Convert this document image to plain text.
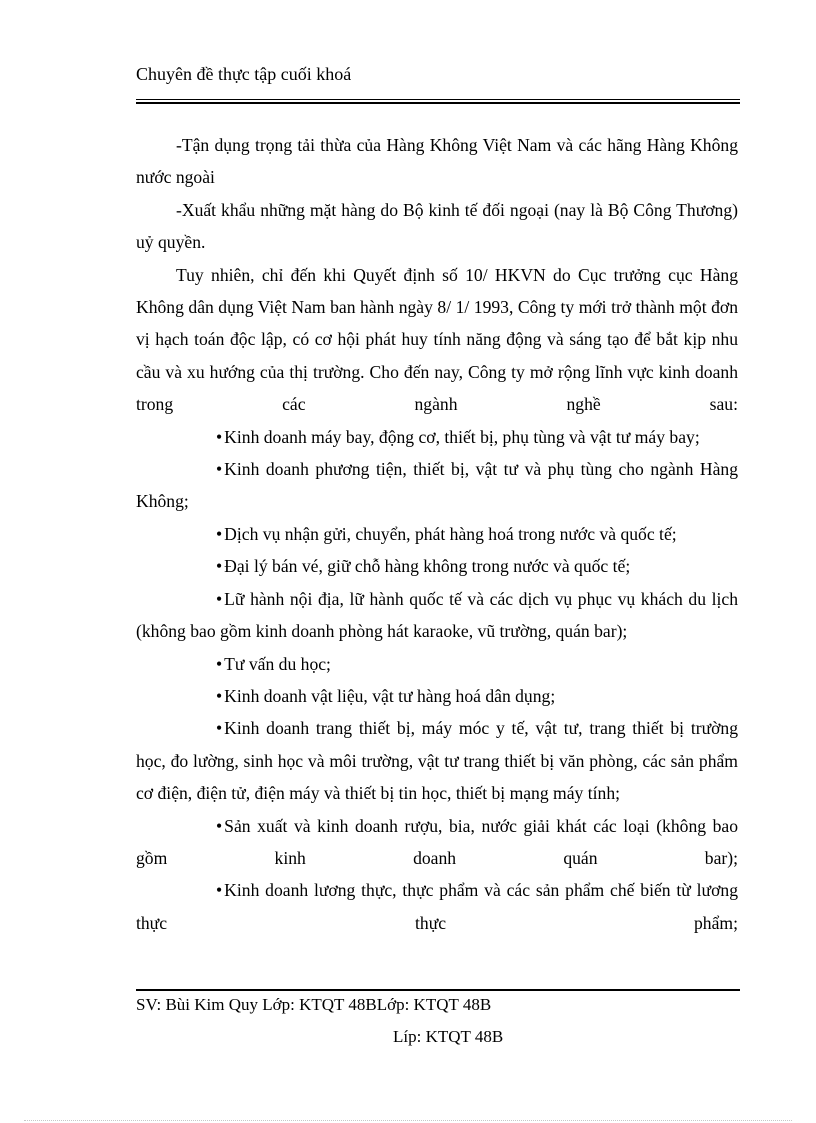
Chuyên đề thực tập cuối khoá

-Tận dụng trọng tải thừa của Hàng Không Việt Nam và các hãng Hàng Không nước ngoài

-Xuất khẩu những mặt hàng do Bộ kinh tế đối ngoại (nay là Bộ Công Thương) uỷ quyền.

Tuy nhiên, chỉ đến khi Quyết định số 10/ HKVN do Cục trưởng cục Hàng Không dân dụng Việt Nam ban hành ngày 8/ 1/ 1993, Công ty mới trở thành một đơn vị hạch toán độc lập, có cơ hội phát huy tính năng động và sáng tạo để bắt kịp nhu cầu và xu hướng của thị trường. Cho đến nay, Công ty mở rộng lĩnh vực kinh doanh trong các ngành nghề sau:

• Kinh doanh máy bay, động cơ, thiết bị, phụ tùng và vật tư máy bay;

• Kinh doanh phương tiện, thiết bị, vật tư và phụ tùng cho ngành Hàng Không;

• Dịch vụ nhận gửi, chuyển, phát hàng hoá trong nước và quốc tế;

• Đại lý bán vé, giữ chỗ hàng không trong nước và quốc tế;

• Lữ hành nội địa, lữ hành quốc tế và các dịch vụ phục vụ khách du lịch (không bao gồm kinh doanh phòng hát karaoke, vũ trường, quán bar);

• Tư vấn du học;

• Kinh doanh vật liệu, vật tư hàng hoá dân dụng;

• Kinh doanh trang thiết bị, máy móc y tế, vật tư, trang thiết bị trường học, đo lường, sinh học và môi trường, vật tư trang thiết bị văn phòng, các sản phẩm cơ điện, điện tử, điện máy và thiết bị tin học, thiết bị mạng máy tính;

• Sản xuất và kinh doanh rượu, bia, nước giải khát các loại (không bao gồm kinh doanh quán bar);

• Kinh doanh lương thực, thực phẩm và các sản phẩm chế biến từ lương thực thực phẩm;

SV: Bùi Kim Quy Lớp: KTQT 48BLớp: KTQT 48B
Líp: KTQT 48B
